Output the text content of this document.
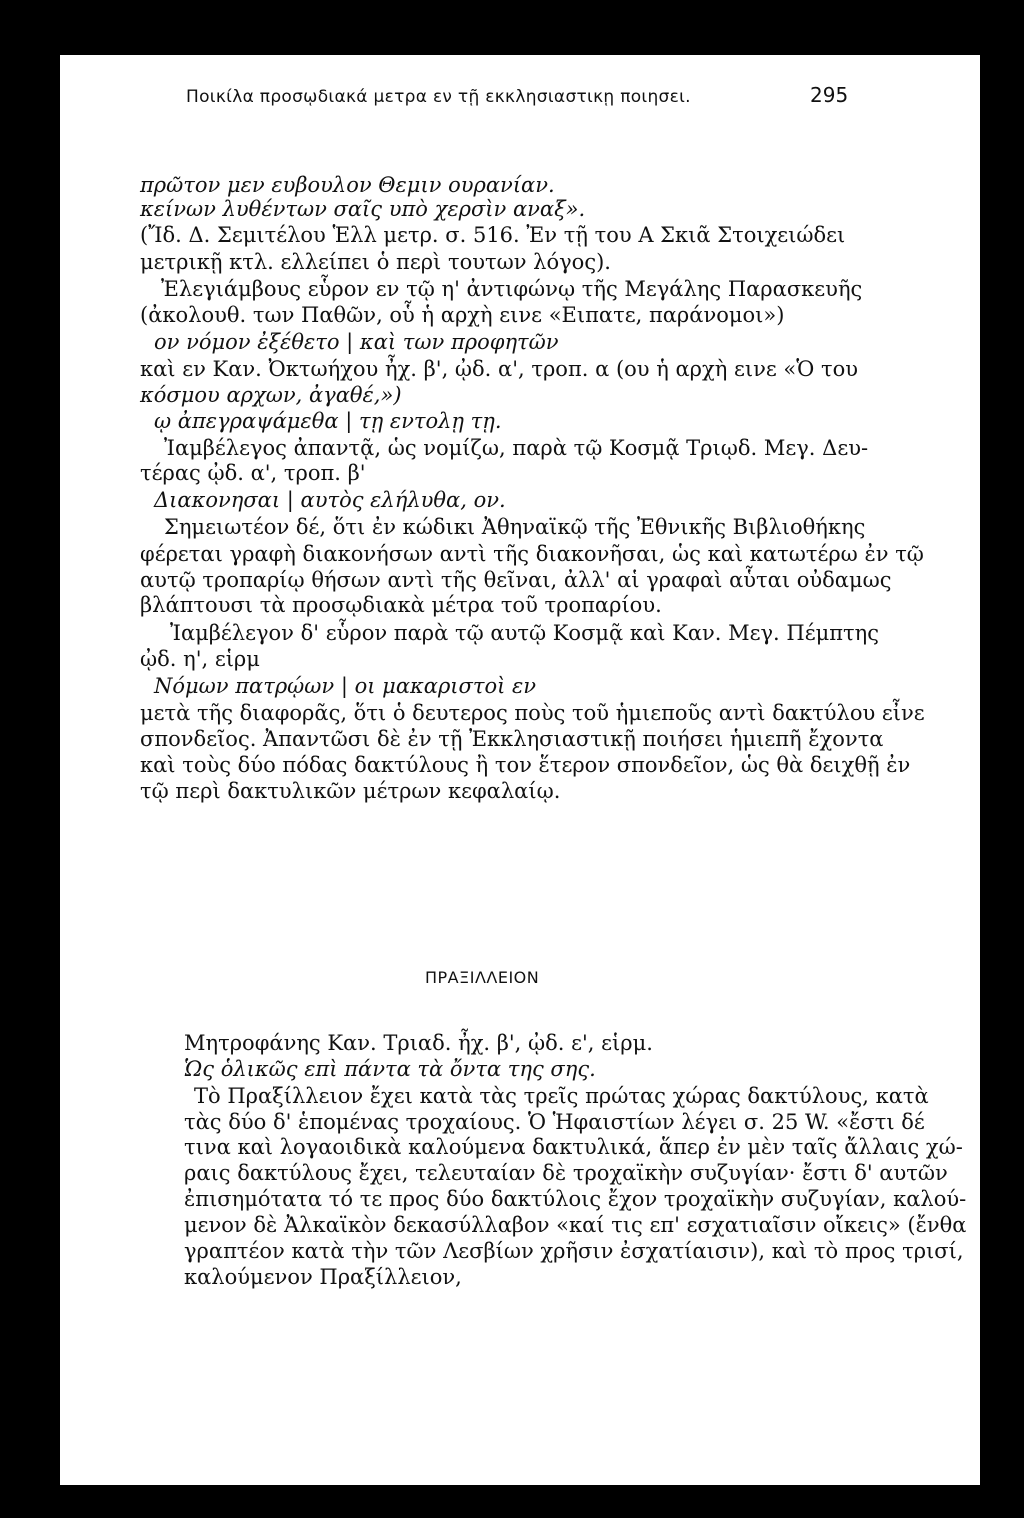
Ποικίλα προσῳδιακά μετρα εν τῇ εκκλησιαστικῃ ποιησει.	295
πρῶτον μεν ευβουλον Θεμιν ουρανίαν.
κείνων λυθέντων σαῖς υπὸ χερσὶν αναξ».
(Ἴδ. Δ. Σεμιτέλου Ἑλλ μετρ. σ. 516. Ἐν τῇ του Α Σκιᾶ Στοιχειώδει
μετρικῇ κτλ. ελλείπει ὁ περὶ τουτων λόγος).
Ἐλεγιάμβους εὗρον εν τῷ η' ἀντιφώνῳ τῆς Μεγάλης Παρασκευῆς
(ἀκολουθ. των Παθῶν, οὗ ἡ αρχὴ εινε «Ειπατε, παράνομοι»)
ον νόμον ἐξέθετο | καὶ των προφητῶν
καὶ εν Καν. Ὀκτωήχου ἦχ. β', ᾠδ. α', τροπ. α (ου ἡ αρχὴ εινε «Ὁ του
κόσμου αρχων, ἀγαθέ,»)
ῳ ἀπεγραψάμεθα | τῃ εντολῃ τῃ.
Ἰαμβέλεγος ἀπαντᾷ, ὡς νομίζω, παρὰ τῷ Κοσμᾷ Τριῳδ. Μεγ. Δευ-
τέρας ᾠδ. α', τροπ. β'
Διακονησαι | αυτὸς ελήλυθα, ον.
Σημειωτέον δέ, ὅτι ἐν κώδικι Ἀθηναϊκῷ τῆς Ἐθνικῆς Βιβλιοθήκης
φέρεται γραφὴ διακονήσων αντὶ τῆς διακονῆσαι, ὡς καὶ κατωτέρω ἐν τῷ
αυτῷ τροπαρίῳ θήσων αντὶ τῆς θεῖναι, ἀλλ' αἱ γραφαὶ αὗται οὐδαμως
βλάπτουσι τὰ προσῳδιακὰ μέτρα τοῦ τροπαρίου.
Ἰαμβέλεγον δ' εὗρον παρὰ τῷ αυτῷ Κοσμᾷ καὶ Καν. Μεγ. Πέμπτης
ᾠδ. η', εἱρμ
Νόμων πατρῴων | οι μακαριστοὶ εν
μετὰ τῆς διαφορᾶς, ὅτι ὁ δευτερος ποὺς τοῦ ἡμιεποῦς αντὶ δακτύλου εἶνε
σπονδεῖος. Ἀπαντῶσι δὲ ἐν τῇ Ἐκκλησιαστικῇ ποιήσει ἡμιεπῆ ἔχοντα
καὶ τοὺς δύο πόδας δακτύλους ἢ τον ἕτερον σπονδεῖον, ὡς θὰ δειχθῇ ἐν
τῷ περὶ δακτυλικῶν μέτρων κεφαλαίῳ.
Μητροφάνης Καν. Τριαδ. ἦχ. β', ᾠδ. ε', εἱρμ.
Ὡς ὁλικῶς επὶ πάντα τὰ ὄντα της σης.
Τὸ Πραξίλλειον ἔχει κατὰ τὰς τρεῖς πρώτας χώρας δακτύλους, κατὰ
τὰς δύο δ' ἑπομένας τροχαίους. Ὁ Ἡφαιστίων λέγει σ. 25 W. «ἔστι δέ
τινα καὶ λογαοιδικὰ καλούμενα δακτυλικά, ἅπερ ἐν μὲν ταῖς ἄλλαις χώ-
ραις δακτύλους ἔχει, τελευταίαν δὲ τροχαϊκὴν συζυγίαν· ἔστι δ' αυτῶν
ἐπισημότατα τό τε προς δύο δακτύλοις ἔχον τροχαϊκὴν συζυγίαν, καλού-
μενον δὲ Ἀλκαϊκὸν δεκασύλλαβον «καί τις επ' εσχατιαῖσιν οἴκεις» (ἔνθα
γραπτέον κατὰ τὴν τῶν Λεσβίων χρῆσιν ἐσχατίαισιν), καὶ τὸ προς τρισί,
καλούμενον Πραξίλλειον,
ΠΡΑΞΙΛΛΕΙΟΝ
